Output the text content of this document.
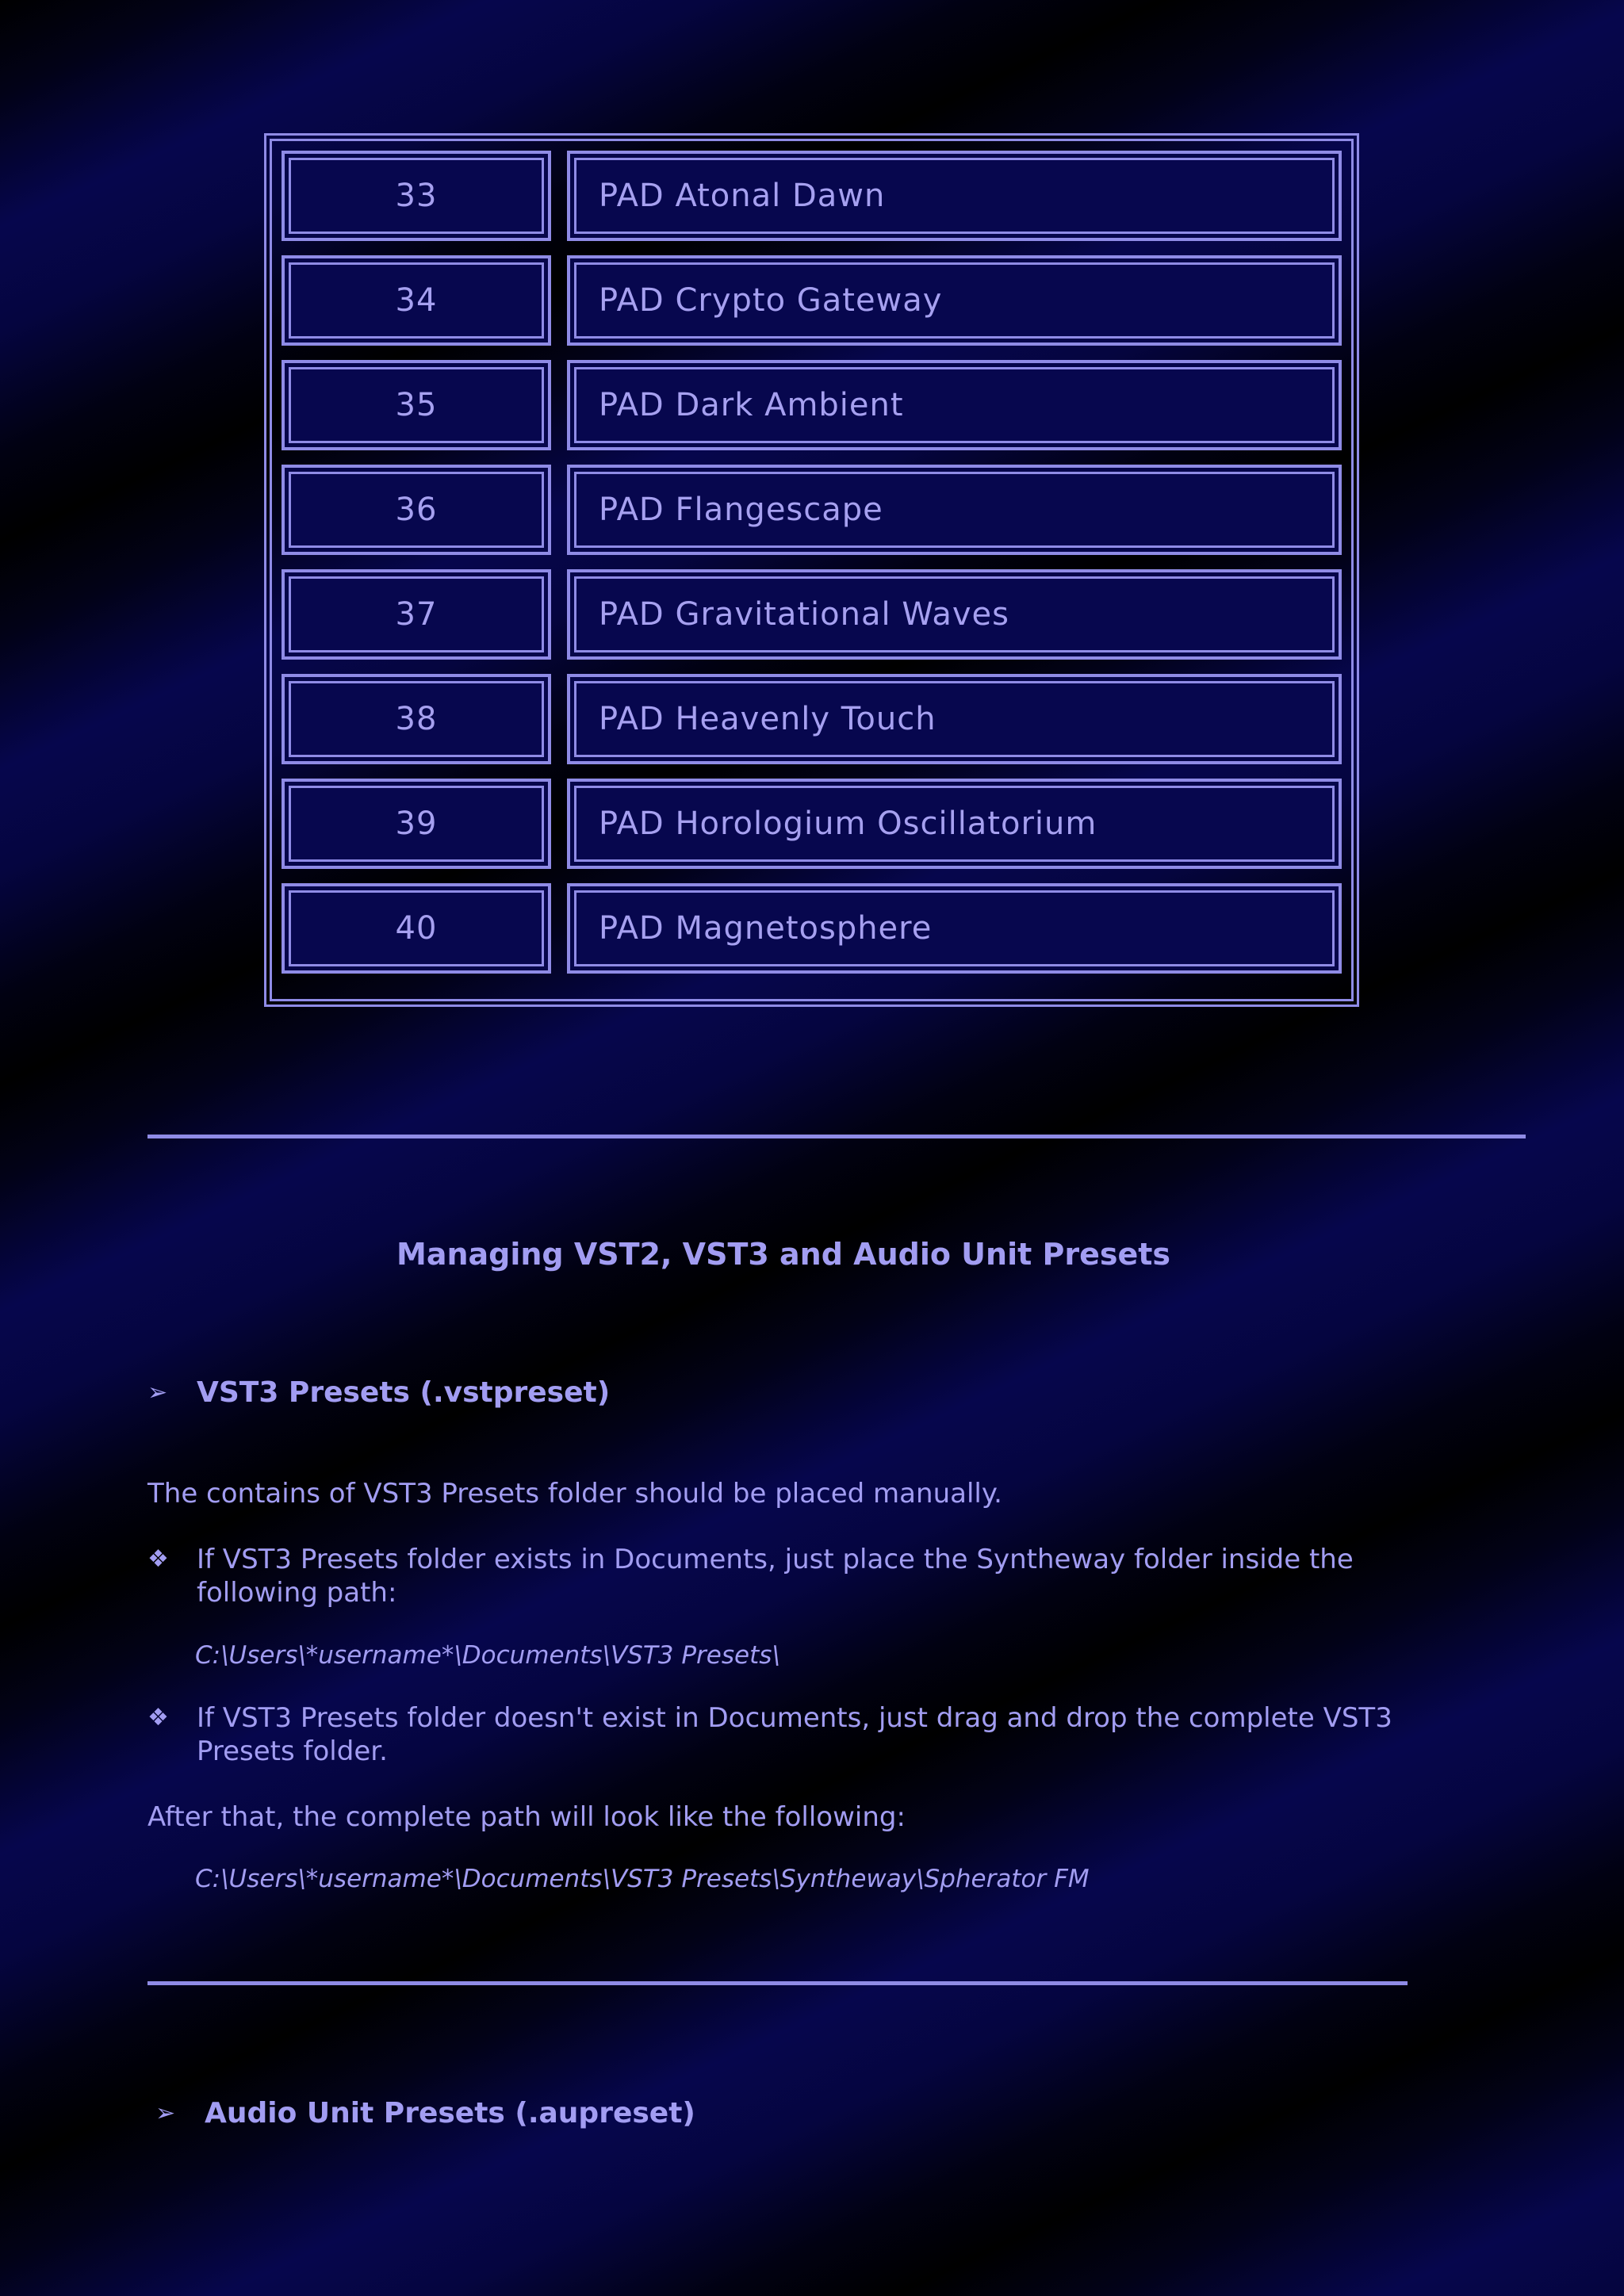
33	PAD Atonal Dawn
34	PAD Crypto Gateway
35	PAD Dark Ambient
36	PAD Flangescape
37	PAD Gravitational Waves
38	PAD Heavenly Touch
39	PAD Horologium Oscillatorium
40	PAD Magnetosphere
Managing VST2, VST3 and Audio Unit Presets
➢	VST3 Presets (.vstpreset)
The contains of VST3 Presets folder should be placed manually.
❖ If VST3 Presets folder exists in Documents, just place the Syntheway folder inside the following path:
C:\Users\*username*\Documents\VST3 Presets\
❖ If VST3 Presets folder doesn't exist in Documents, just drag and drop the complete VST3 Presets folder.
After that, the complete path will look like the following:
C:\Users\*username*\Documents\VST3 Presets\Syntheway\Spherator FM
➢	Audio Unit Presets (.aupreset)
